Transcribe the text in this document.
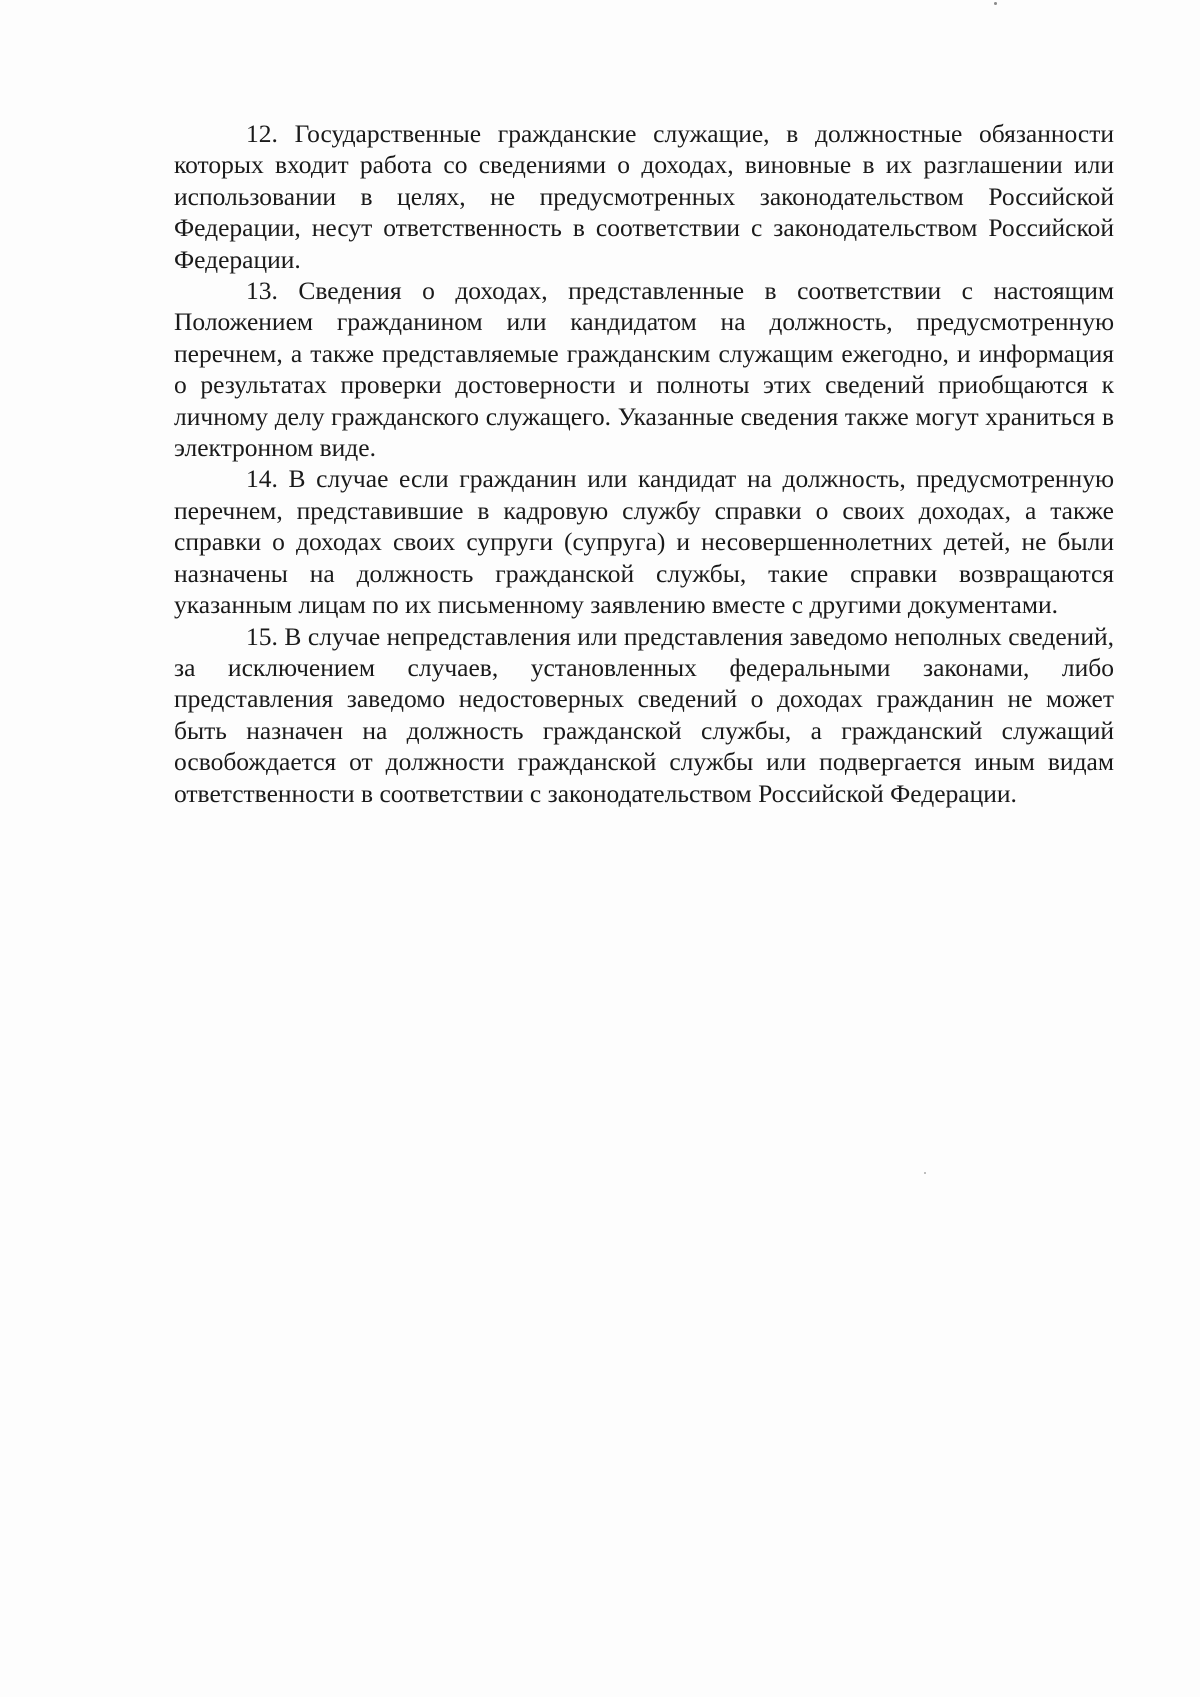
12. Государственные гражданские служащие, в должностные обязанности которых входит работа со сведениями о доходах, виновные в их разглашении или использовании в целях, не предусмотренных законодательством Российской Федерации, несут ответственность в соответствии с законодательством Российской Федерации.

13. Сведения о доходах, представленные в соответствии с настоящим Положением гражданином или кандидатом на должность, предусмотренную перечнем, а также представляемые гражданским служащим ежегодно, и информация о результатах проверки достоверности и полноты этих сведений приобщаются к личному делу гражданского служащего. Указанные сведения также могут храниться в электронном виде.

14. В случае если гражданин или кандидат на должность, предусмотренную перечнем, представившие в кадровую службу справки о своих доходах, а также справки о доходах своих супруги (супруга) и несовершеннолетних детей, не были назначены на должность гражданской службы, такие справки возвращаются указанным лицам по их письменному заявлению вместе с другими документами.

15. В случае непредставления или представления заведомо неполных сведений, за исключением случаев, установленных федеральными законами, либо представления заведомо недостоверных сведений о доходах гражданин не может быть назначен на должность гражданской службы, а гражданский служащий освобождается от должности гражданской службы или подвергается иным видам ответственности в соответствии с законодательством Российской Федерации.
